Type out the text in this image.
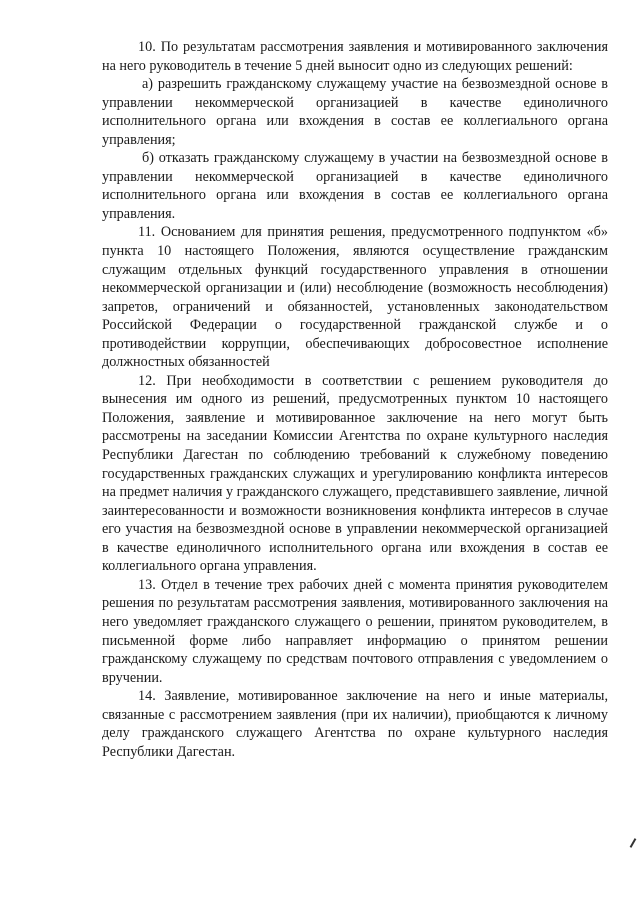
10. По результатам рассмотрения заявления и мотивированного заключения на него руководитель в течение 5 дней выносит одно из следующих решений:

а) разрешить гражданскому служащему участие на безвозмездной основе в управлении некоммерческой организацией в качестве единоличного исполнительного органа или вхождения в состав ее коллегиального органа управления;

б) отказать гражданскому служащему в участии на безвозмездной основе в управлении некоммерческой организацией в качестве единоличного исполнительного органа или вхождения в состав ее коллегиального органа управления.

11. Основанием для принятия решения, предусмотренного подпунктом «б» пункта 10 настоящего Положения, являются осуществление гражданским служащим отдельных функций государственного управления в отношении некоммерческой организации и (или) несоблюдение (возможность несоблюдения) запретов, ограничений и обязанностей, установленных законодательством Российской Федерации о государственной гражданской службе и о противодействии коррупции, обеспечивающих добросовестное исполнение должностных обязанностей

12. При необходимости в соответствии с решением руководителя до вынесения им одного из решений, предусмотренных пунктом 10 настоящего Положения, заявление и мотивированное заключение на него могут быть рассмотрены на заседании Комиссии Агентства по охране культурного наследия Республики Дагестан по соблюдению требований к служебному поведению государственных гражданских служащих и урегулированию конфликта интересов на предмет наличия у гражданского служащего, представившего заявление, личной заинтересованности и возможности возникновения конфликта интересов в случае его участия на безвозмездной основе в управлении некоммерческой организацией в качестве единоличного исполнительного органа или вхождения в состав ее коллегиального органа управления.

13. Отдел в течение трех рабочих дней с момента принятия руководителем решения по результатам рассмотрения заявления, мотивированного заключения на него уведомляет гражданского служащего о решении, принятом руководителем, в письменной форме либо направляет информацию о принятом решении гражданскому служащему по средствам почтового отправления с уведомлением о вручении.

14. Заявление, мотивированное заключение на него и иные материалы, связанные с рассмотрением заявления (при их наличии), приобщаются к личному делу гражданского служащего Агентства по охране культурного наследия Республики Дагестан.
